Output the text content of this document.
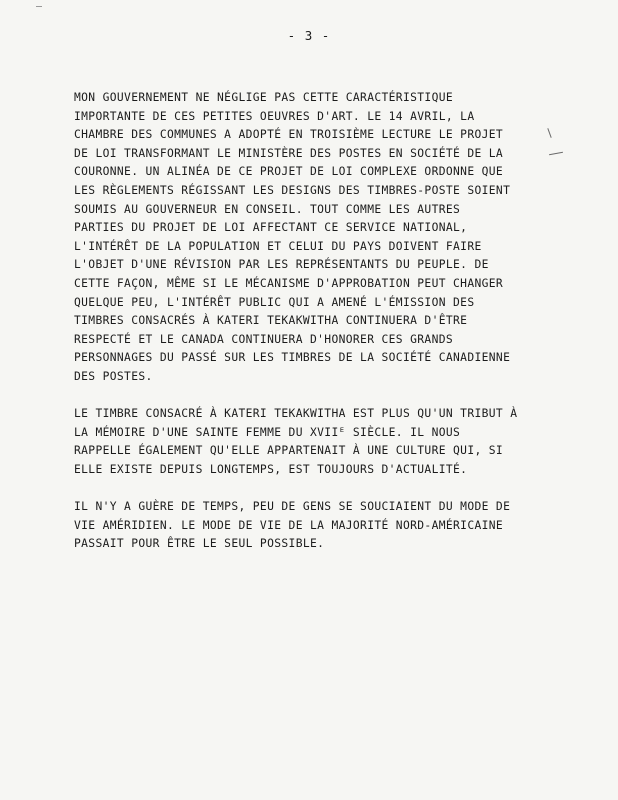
- 3 -

MON GOUVERNEMENT NE NÉGLIGE PAS CETTE CARACTÉRISTIQUE
IMPORTANTE DE CES PETITES OEUVRES D'ART. LE 14 AVRIL, LA
CHAMBRE DES COMMUNES A ADOPTÉ EN TROISIÈME LECTURE LE PROJET
DE LOI TRANSFORMANT LE MINISTÈRE DES POSTES EN SOCIÉTÉ DE LA
COURONNE. UN ALINÉA DE CE PROJET DE LOI COMPLEXE ORDONNE QUE
LES RÈGLEMENTS RÉGISSANT LES DESIGNS DES TIMBRES-POSTE SOIENT
SOUMIS AU GOUVERNEUR EN CONSEIL. TOUT COMME LES AUTRES
PARTIES DU PROJET DE LOI AFFECTANT CE SERVICE NATIONAL,
L'INTÉRÊT DE LA POPULATION ET CELUI DU PAYS DOIVENT FAIRE
L'OBJET D'UNE RÉVISION PAR LES REPRÉSENTANTS DU PEUPLE. DE
CETTE FAÇON, MÊME SI LE MÉCANISME D'APPROBATION PEUT CHANGER
QUELQUE PEU, L'INTÉRÊT PUBLIC QUI A AMENÉ L'ÉMISSION DES
TIMBRES CONSACRÉS À KATERI TEKAKWITHA CONTINUERA D'ÊTRE
RESPECTÉ ET LE CANADA CONTINUERA D'HONORER CES GRANDS
PERSONNAGES DU PASSÉ SUR LES TIMBRES DE LA SOCIÉTÉ CANADIENNE
DES POSTES.

LE TIMBRE CONSACRÉ À KATERI TEKAKWITHA EST PLUS QU'UN TRIBUT À
LA MÉMOIRE D'UNE SAINTE FEMME DU XVIIᴱ SIÈCLE. IL NOUS
RAPPELLE ÉGALEMENT QU'ELLE APPARTENAIT À UNE CULTURE QUI, SI
ELLE EXISTE DEPUIS LONGTEMPS, EST TOUJOURS D'ACTUALITÉ.

IL N'Y A GUÈRE DE TEMPS, PEU DE GENS SE SOUCIAIENT DU MODE DE
VIE AMÉRIDIEN. LE MODE DE VIE DE LA MAJORITÉ NORD-AMÉRICAINE
PASSAIT POUR ÊTRE LE SEUL POSSIBLE.
